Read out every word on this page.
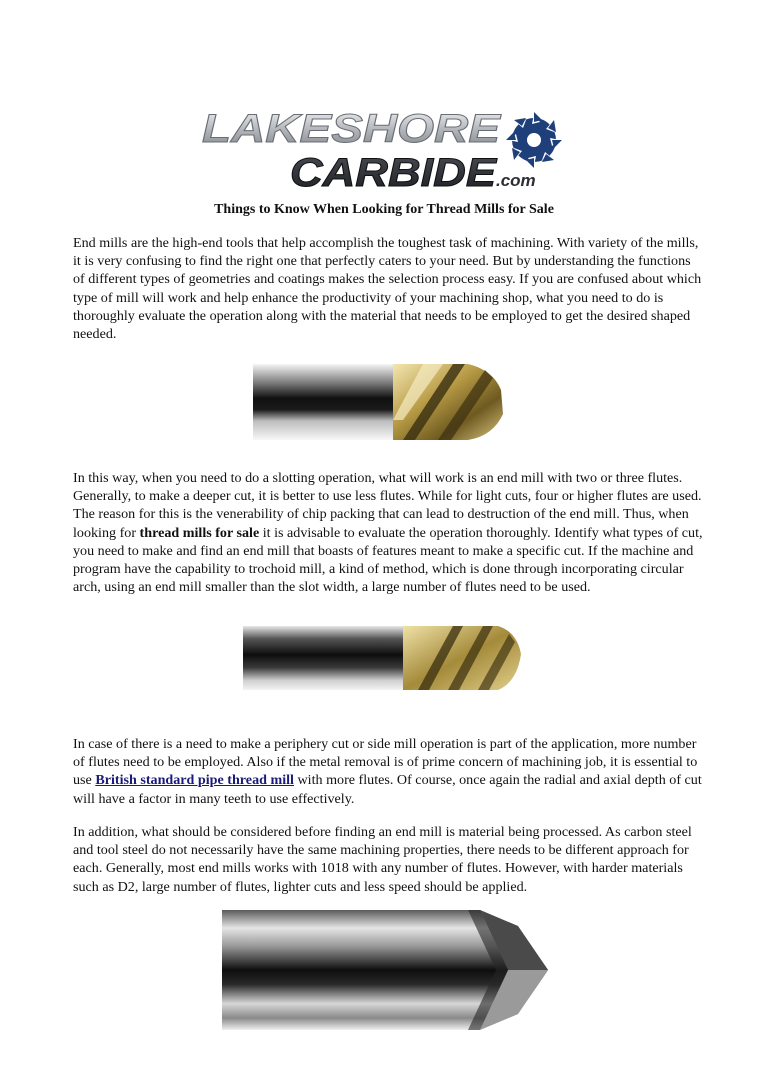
LAKESHORE
CARBIDE
.com
Things to Know When Looking for Thread Mills for Sale

End mills are the high-end tools that help accomplish the toughest task of machining. With variety of the mills, it is very confusing to find the right one that perfectly caters to your need. But by understanding the functions of different types of geometries and coatings makes the selection process easy. If you are confused about which type of mill will work and help enhance the productivity of your machining shop, what you need to do is thoroughly evaluate the operation along with the material that needs to be employed to get the desired shaped needed.

In this way, when you need to do a slotting operation, what will work is an end mill with two or three flutes. Generally, to make a deeper cut, it is better to use less flutes. While for light cuts, four or higher flutes are used. The reason for this is the venerability of chip packing that can lead to destruction of the end mill. Thus, when looking for thread mills for sale it is advisable to evaluate the operation thoroughly. Identify what types of cut, you need to make and find an end mill that boasts of features meant to make a specific cut. If the machine and program have the capability to trochoid mill, a kind of method, which is done through incorporating circular arch, using an end mill smaller than the slot width, a large number of flutes need to be used.

In case of there is a need to make a periphery cut or side mill operation is part of the application, more number of flutes need to be employed. Also if the metal removal is of prime concern of machining job, it is essential to use British standard pipe thread mill with more flutes. Of course, once again the radial and axial depth of cut will have a factor in many teeth to use effectively.

In addition, what should be considered before finding an end mill is material being processed. As carbon steel and tool steel do not necessarily have the same machining properties, there needs to be different approach for each. Generally, most end mills works with 1018 with any number of flutes. However, with harder materials such as D2, large number of flutes, lighter cuts and less speed should be applied.
